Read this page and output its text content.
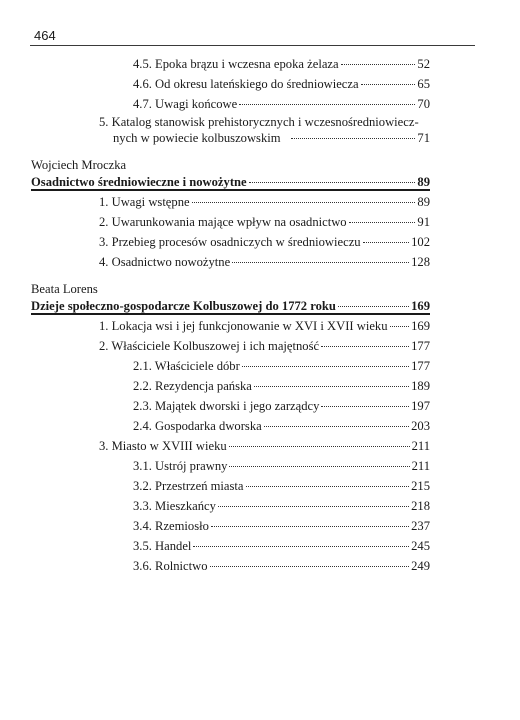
464
4.5. Epoka brązu i wczesna epoka żelaza	52
4.6. Od okresu lateńskiego do średniowiecza	65
4.7. Uwagi końcowe	70
5. Katalog stanowisk prehistorycznych i wczesnośredniowiecz-
nych w powiecie kolbuszowskim	71
Wojciech Mroczka
Osadnictwo średniowieczne i nowożytne	89
1. Uwagi wstępne	89
2. Uwarunkowania mające wpływ na osadnictwo	91
3. Przebieg procesów osadniczych w średniowieczu	102
4. Osadnictwo nowożytne	128
Beata Lorens
Dzieje społeczno-gospodarcze Kolbuszowej do 1772 roku	169
1. Lokacja wsi i jej funkcjonowanie w XVI i XVII wieku 169
2. Właściciele Kolbuszowej i ich majętność	177
2.1. Właściciele dóbr	177
2.2. Rezydencja pańska	189
2.3. Majątek dworski i jego zarządcy	197
2.4. Gospodarka dworska	203
3. Miasto w XVIII wieku	211
3.1. Ustrój prawny	211
3.2. Przestrzeń miasta	215
3.3. Mieszkańcy	218
3.4. Rzemiosło	237
3.5. Handel	245
3.6. Rolnictwo	249
